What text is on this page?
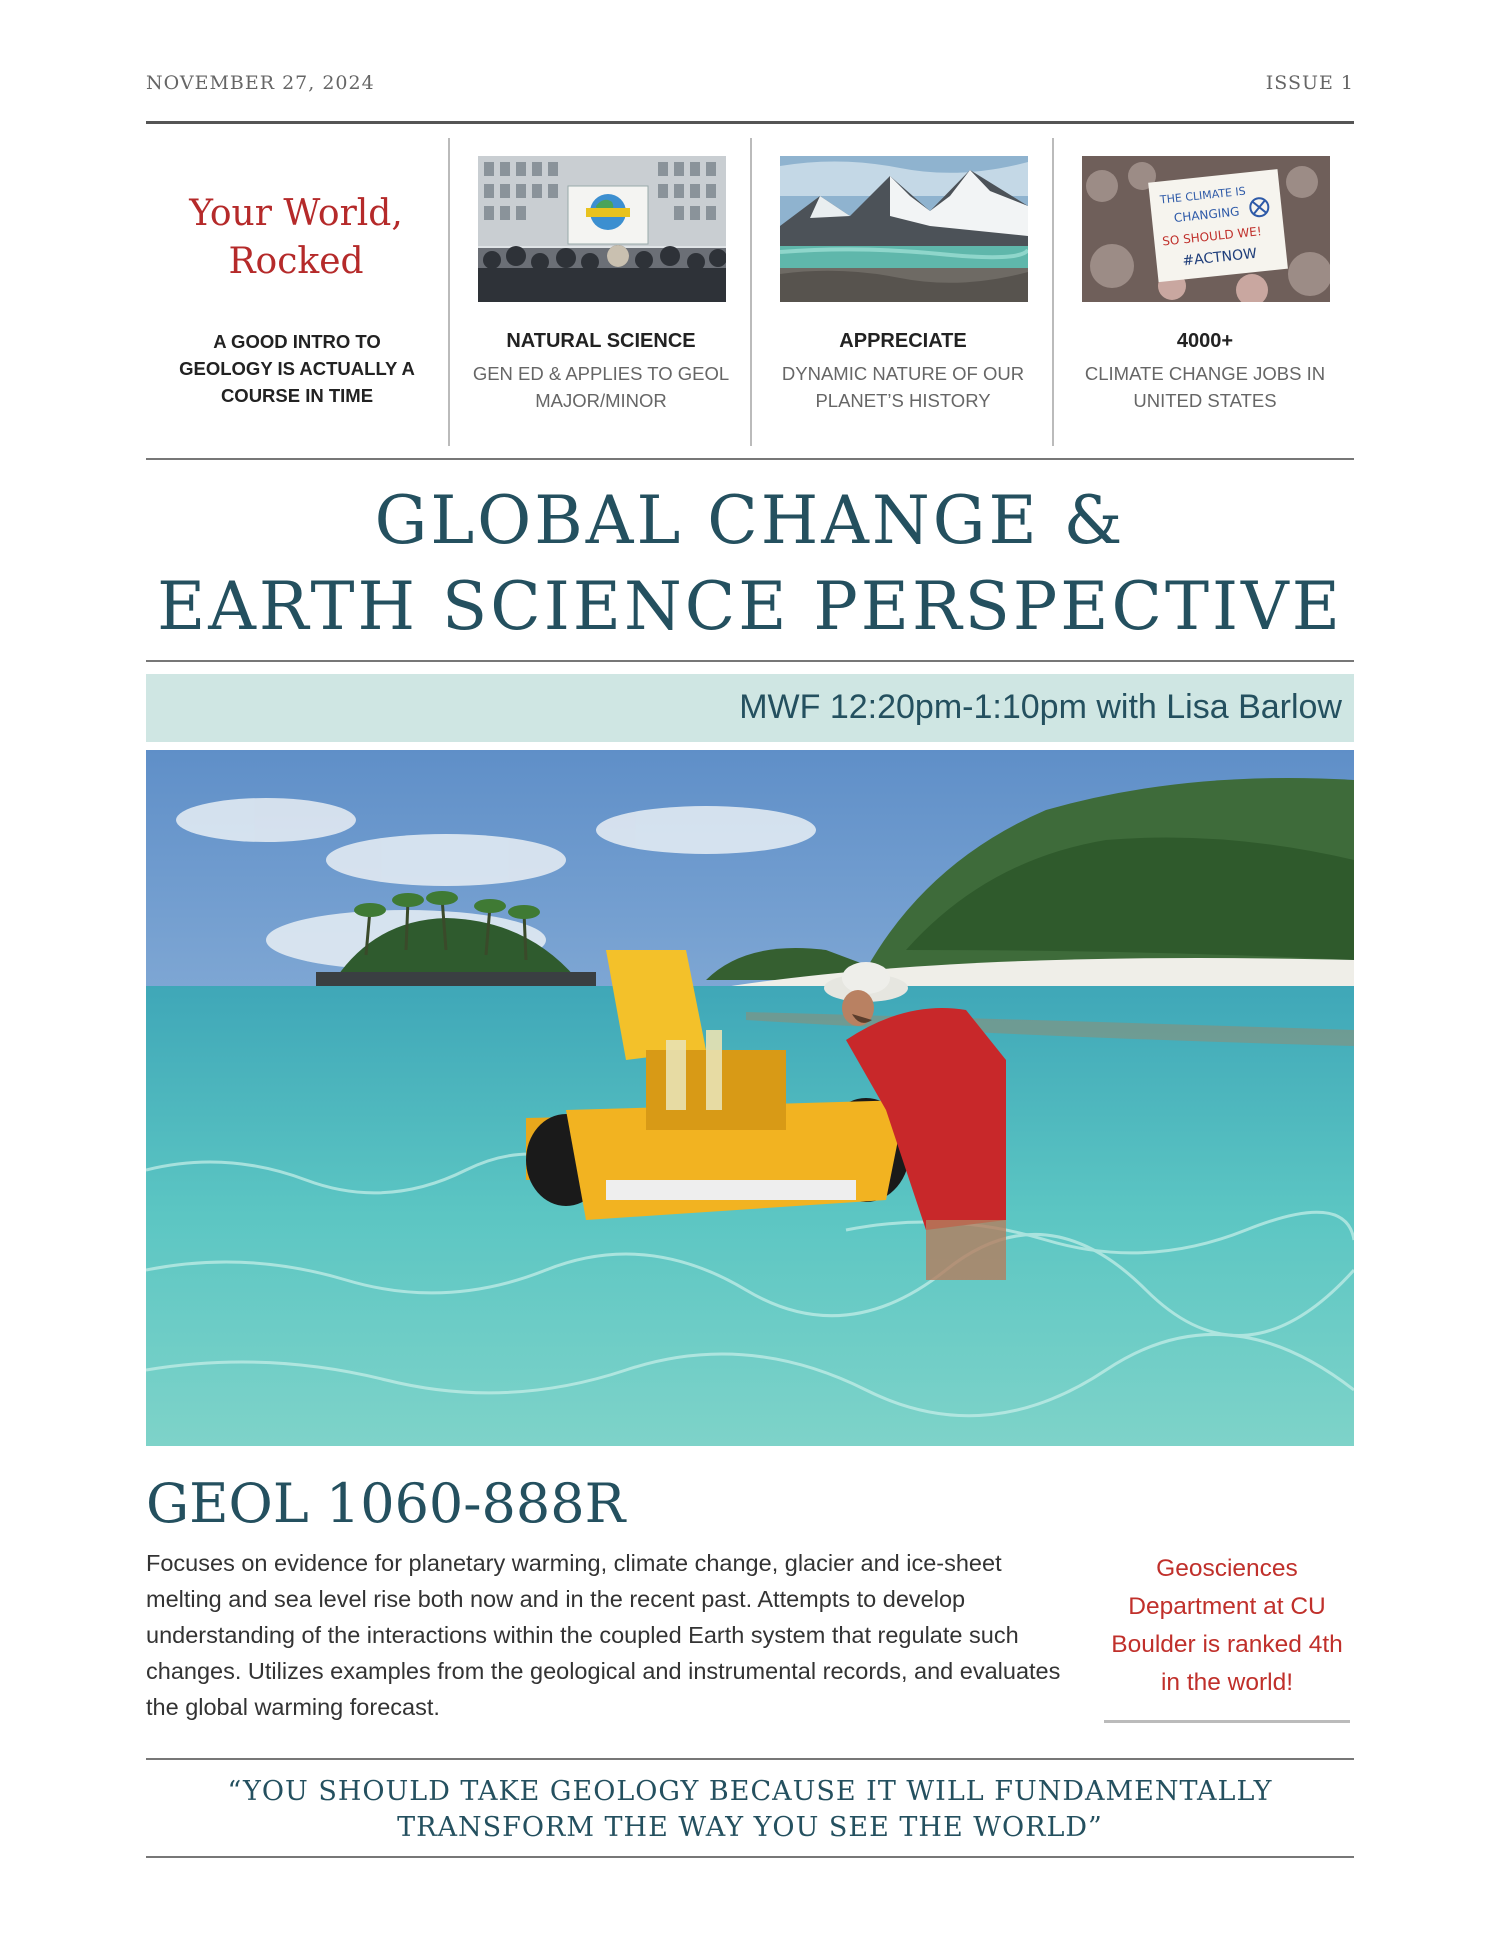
NOVEMBER 27, 2024	ISSUE 1
Your World,
Rocked
A GOOD INTRO TO GEOLOGY IS ACTUALLY A COURSE IN TIME
NATURAL SCIENCE
GEN ED & APPLIES TO GEOL MAJOR/MINOR
APPRECIATE
DYNAMIC NATURE OF OUR PLANET’S HISTORY
THE CLIMATE IS
CHANGING
SO SHOULD WE!
#ACTNOW
4000+
CLIMATE CHANGE JOBS IN UNITED STATES
GLOBAL CHANGE &
EARTH SCIENCE PERSPECTIVE
MWF 12:20pm-1:10pm with Lisa Barlow
GEOL 1060-888R
Focuses on evidence for planetary warming, climate change, glacier and ice-sheet melting and sea level rise both now and in the recent past. Attempts to develop understanding of the interactions within the coupled Earth system that regulate such changes. Utilizes examples from the geological and instrumental records, and evaluates the global warming forecast.
Geosciences Department at CU Boulder is ranked 4th in the world!
“YOU SHOULD TAKE GEOLOGY BECAUSE IT WILL FUNDAMENTALLY TRANSFORM THE WAY YOU SEE THE WORLD”
